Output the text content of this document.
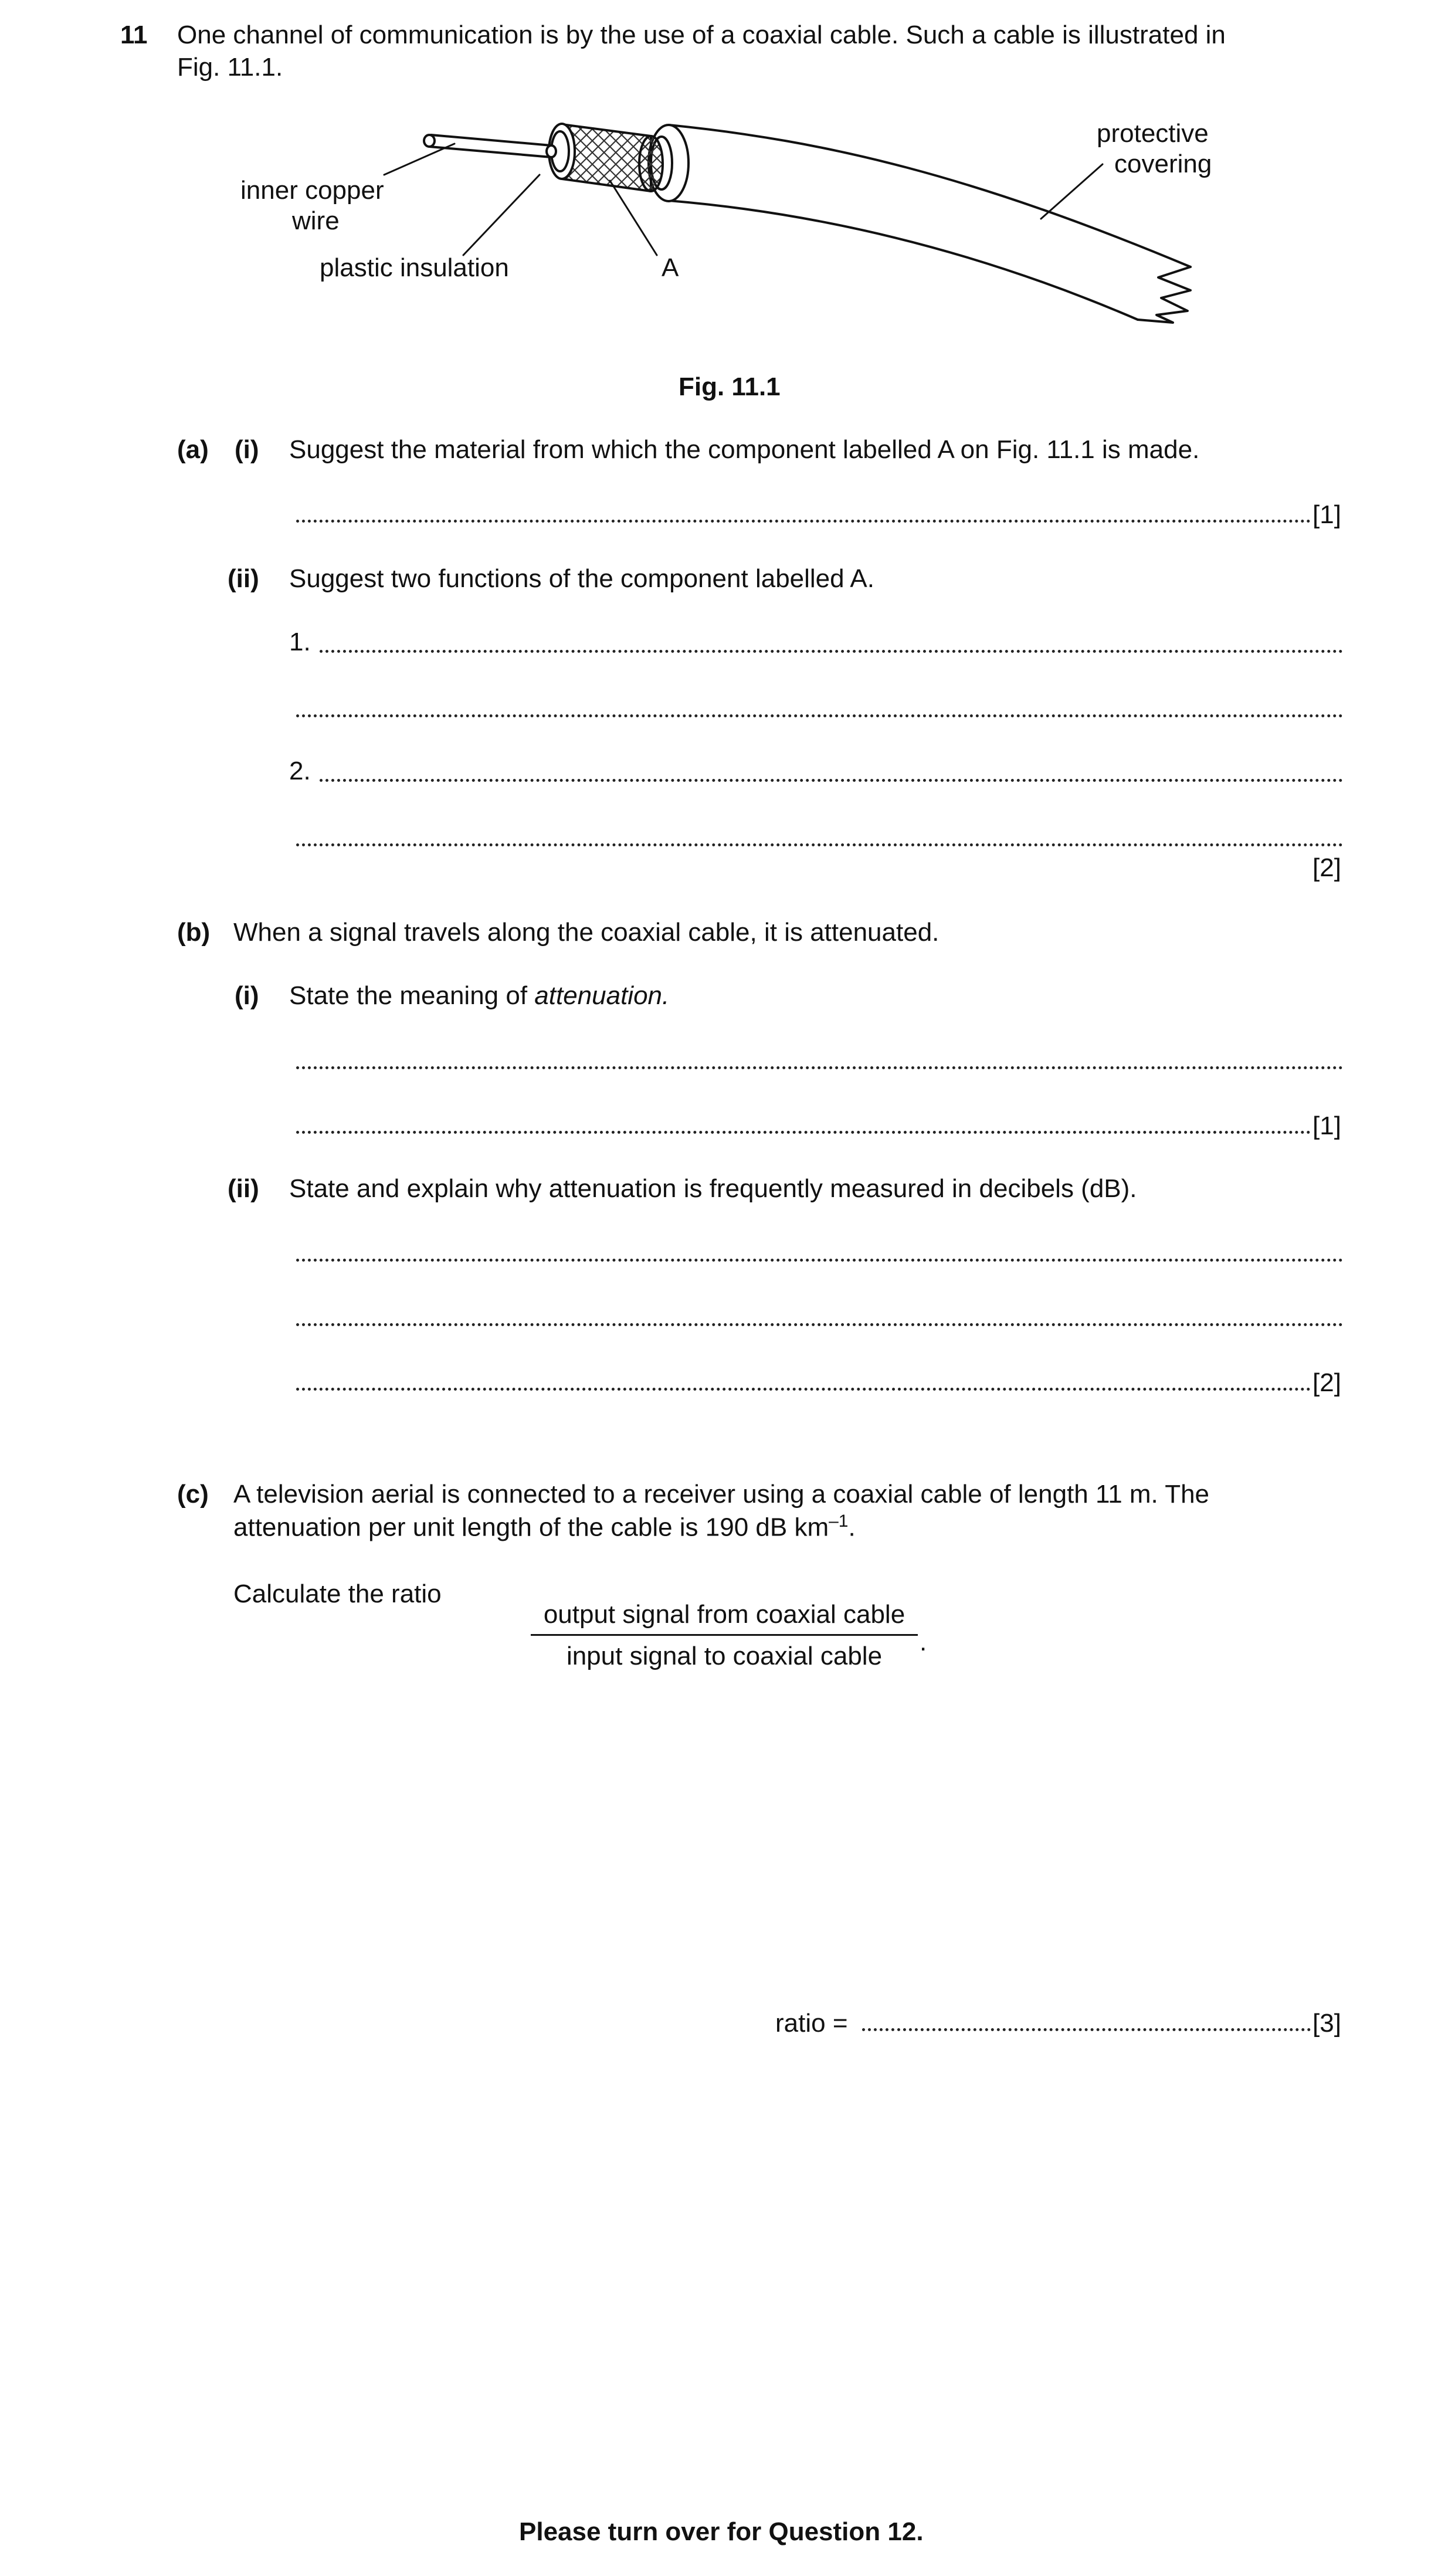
11 One channel of communication is by the use of a coaxial cable. Such a cable is illustrated in
Fig. 11.1.
inner copper
wire
plastic insulation	A
protective
covering
Fig. 11.1
(a) (i) Suggest the material from which the component labelled A on Fig. 11.1 is made.
[1]
(ii) Suggest two functions of the component labelled A.
1.
2.
[2]
(b) When a signal travels along the coaxial cable, it is attenuated.
(i) State the meaning of attenuation.
[1]
(ii) State and explain why attenuation is frequently measured in decibels (dB).
[2]
(c) A television aerial is connected to a receiver using a coaxial cable of length 11 m. The
attenuation per unit length of the cable is 190 dB $km^{-1}$.
Calculate the ratio
output signal from coaxial cable
input signal to coaxial cable	.
ratio =	[3]
Please turn over for Question 12.
